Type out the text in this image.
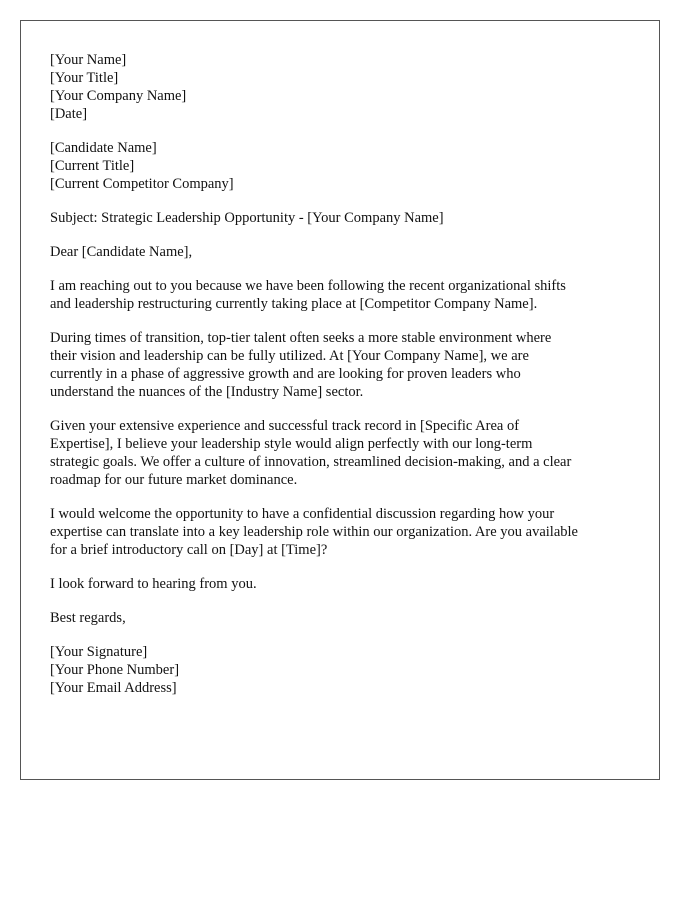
[Your Name]
[Your Title]
[Your Company Name]
[Date]
[Candidate Name]
[Current Title]
[Current Competitor Company]
Subject: Strategic Leadership Opportunity - [Your Company Name]
Dear [Candidate Name],
I am reaching out to you because we have been following the recent organizational shifts
and leadership restructuring currently taking place at [Competitor Company Name].
During times of transition, top-tier talent often seeks a more stable environment where
their vision and leadership can be fully utilized. At [Your Company Name], we are
currently in a phase of aggressive growth and are looking for proven leaders who
understand the nuances of the [Industry Name] sector.
Given your extensive experience and successful track record in [Specific Area of
Expertise], I believe your leadership style would align perfectly with our long-term
strategic goals. We offer a culture of innovation, streamlined decision-making, and a clear
roadmap for our future market dominance.
I would welcome the opportunity to have a confidential discussion regarding how your
expertise can translate into a key leadership role within our organization. Are you available
for a brief introductory call on [Day] at [Time]?
I look forward to hearing from you.
Best regards,
[Your Signature]
[Your Phone Number]
[Your Email Address]
